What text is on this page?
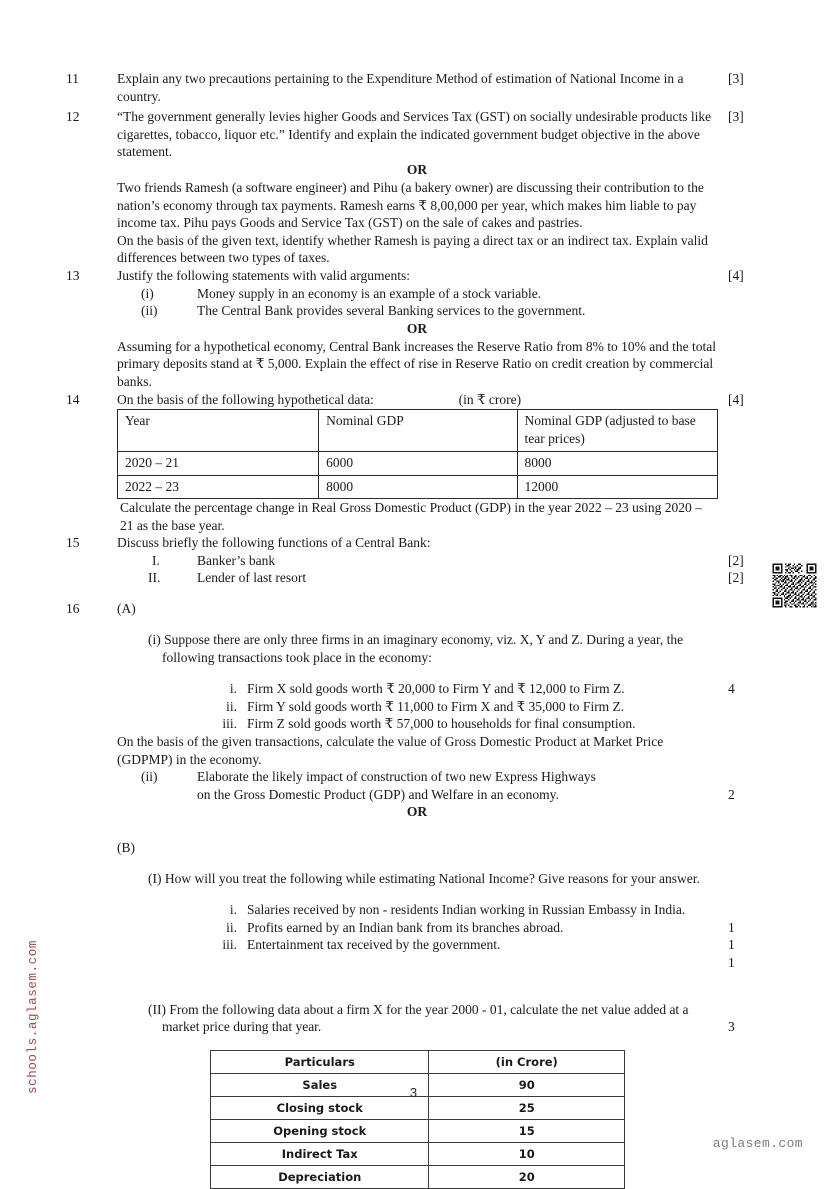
schools.aglasem.com
11	[3]

Explain any two precautions pertaining to the Expenditure Method of estimation of National Income in a country.

12	[3]

“The government generally levies higher Goods and Services Tax (GST) on socially undesirable products like cigarettes, tobacco, liquor etc.” Identify and explain the indicated government budget objective in the above statement.

OR

Two friends Ramesh (a software engineer) and Pihu (a bakery owner) are discussing their contribution to the nation’s economy through tax payments. Ramesh earns ₹ 8,00,000 per year, which makes him liable to pay income tax. Pihu pays Goods and Service Tax (GST) on the sale of cakes and pastries.

On the basis of the given text, identify whether Ramesh is paying a direct tax or an indirect tax. Explain valid differences between two types of taxes.

13	[4]

Justify the following statements with valid arguments:

(i)	Money supply in an economy is an example of a stock variable.
(ii)	The Central Bank provides several Banking services to the government.

OR

Assuming for a hypothetical economy, Central Bank increases the Reserve Ratio from 8% to 10% and the total primary deposits stand at ₹ 5,000. Explain the effect of rise in Reserve Ratio on credit creation by commercial banks.

14	[4]

On the basis of the following hypothetical data:	(in ₹ crore)

Year	Nominal GDP	Nominal GDP (adjusted to base tear prices)
2020 – 21	6000	8000
2022 – 23	8000	12000

Calculate the percentage change in Real Gross Domestic Product (GDP) in the year 2022 – 23 using 2020 – 21 as the base year.

15	Discuss briefly the following functions of a Central Bank:

I.	Banker’s bank	[2]
II.	Lender of last resort	[2]
16	(A)

(i) Suppose there are only three firms in an imaginary economy, viz. X, Y and Z. During a year, the following transactions took place in the economy:

i. Firm X sold goods worth ₹ 20,000 to Firm Y and ₹ 12,000 to Firm Z.	4
ii. Firm Y sold goods worth ₹ 11,000 to Firm X and ₹ 35,000 to Firm Z.
iii. Firm Z sold goods worth ₹ 57,000 to households for final consumption.

On the basis of the given transactions, calculate the value of Gross Domestic Product at Market Price (GDPMP) in the economy.

(ii)	Elaborate the likely impact of construction of two new Express Highways on the Gross Domestic Product (GDP) and Welfare in an economy.	2

OR

(B)

(I) How will you treat the following while estimating National Income? Give reasons for your answer.

i. Salaries received by non - residents Indian working in Russian Embassy in India.
ii. Profits earned by an Indian bank from its branches abroad.	1
iii. Entertainment tax received by the government.	1
1

(II) From the following data about a firm X for the year 2000 - 01, calculate the net value added at a market price during that year.	3
Particulars	(in Crore)
Sales	90
Closing stock	25
Opening stock	15
Indirect Tax	10
Depreciation	20
3
aglasem.com
